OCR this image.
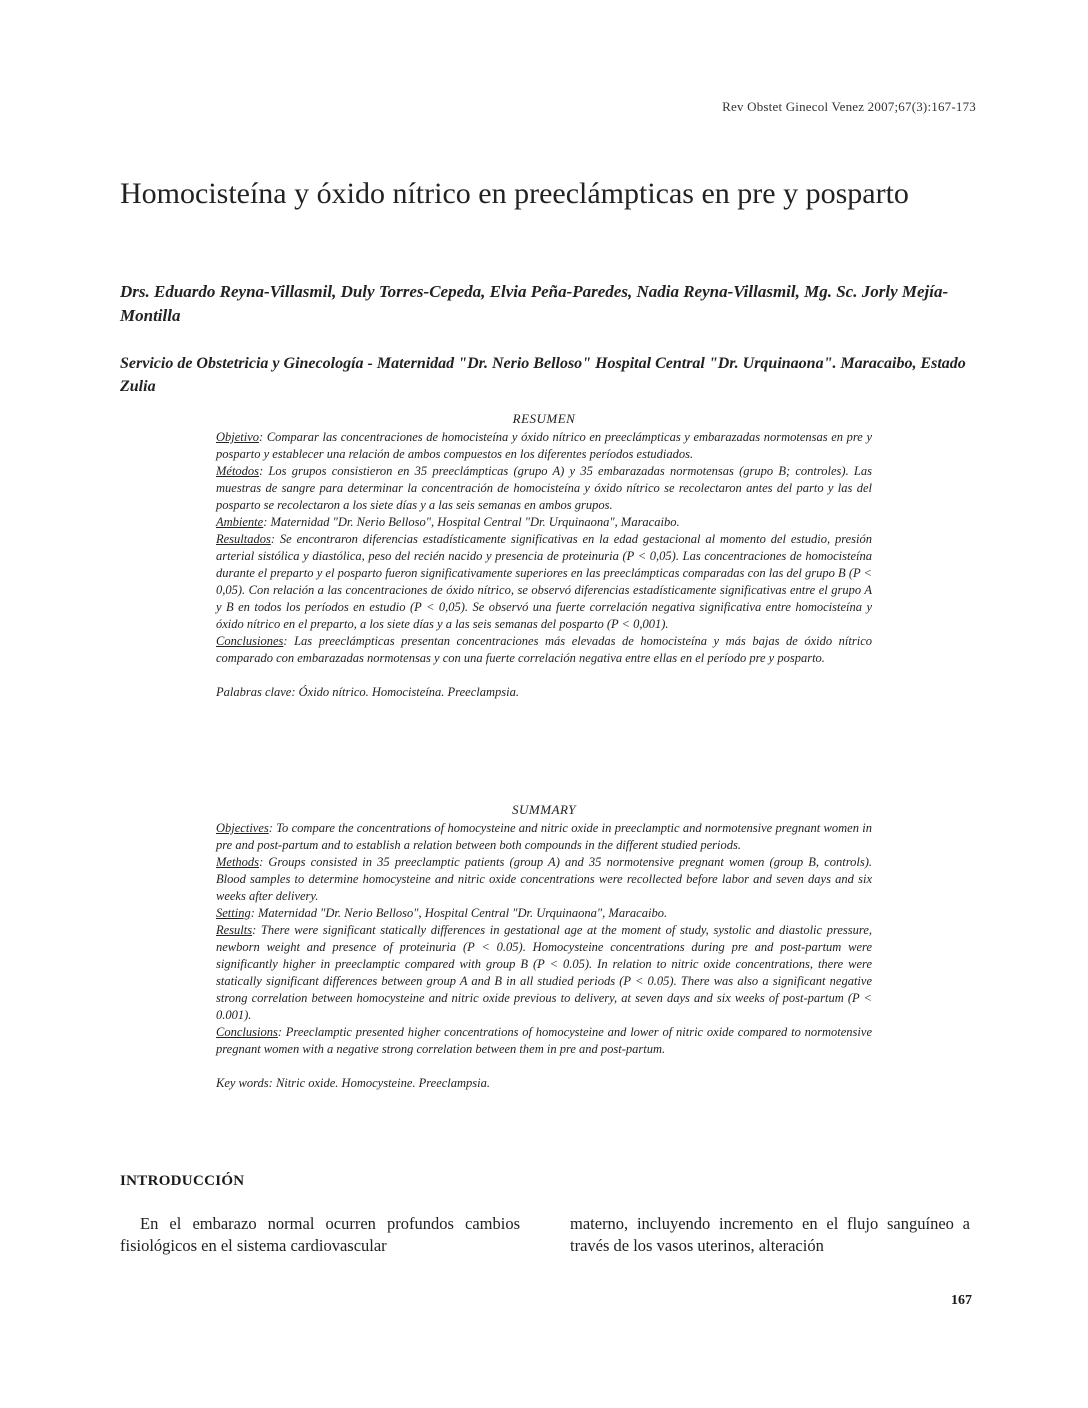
Rev Obstet Ginecol Venez 2007;67(3):167-173
Homocisteína y óxido nítrico en preeclámpticas en pre y posparto
Drs. Eduardo Reyna-Villasmil, Duly Torres-Cepeda, Elvia Peña-Paredes, Nadia Reyna-Villasmil, Mg. Sc. Jorly Mejía-Montilla
Servicio de Obstetricia y Ginecología - Maternidad "Dr. Nerio Belloso" Hospital Central "Dr. Urquinaona". Maracaibo, Estado Zulia
RESUMEN

Objetivo: Comparar las concentraciones de homocisteína y óxido nítrico en preeclámpticas y embarazadas normotensas en pre y posparto y establecer una relación de ambos compuestos en los diferentes períodos estudiados.

Métodos: Los grupos consistieron en 35 preeclámpticas (grupo A) y 35 embarazadas normotensas (grupo B; controles). Las muestras de sangre para determinar la concentración de homocisteína y óxido nítrico se recolectaron antes del parto y las del posparto se recolectaron a los siete días y a las seis semanas en ambos grupos.

Ambiente: Maternidad "Dr. Nerio Belloso", Hospital Central "Dr. Urquinaona", Maracaibo.

Resultados: Se encontraron diferencias estadísticamente significativas en la edad gestacional al momento del estudio, presión arterial sistólica y diastólica, peso del recién nacido y presencia de proteinuria (P < 0,05). Las concentraciones de homocisteína durante el preparto y el posparto fueron significativamente superiores en las preeclámpticas comparadas con las del grupo B (P < 0,05). Con relación a las concentraciones de óxido nítrico, se observó diferencias estadísticamente significativas entre el grupo A y B en todos los períodos en estudio (P < 0,05). Se observó una fuerte correlación negativa significativa entre homocisteína y óxido nítrico en el preparto, a los siete días y a las seis semanas del posparto (P < 0,001).

Conclusiones: Las preeclámpticas presentan concentraciones más elevadas de homocisteína y más bajas de óxido nítrico comparado con embarazadas normotensas y con una fuerte correlación negativa entre ellas en el período pre y posparto.

Palabras clave: Óxido nítrico. Homocisteína. Preeclampsia.

SUMMARY

Objectives: To compare the concentrations of homocysteine and nitric oxide in preeclamptic and normotensive pregnant women in pre and post-partum and to establish a relation between both compounds in the different studied periods.

Methods: Groups consisted in 35 preeclamptic patients (group A) and 35 normotensive pregnant women (group B, controls). Blood samples to determine homocysteine and nitric oxide concentrations were recollected before labor and seven days and six weeks after delivery.

Setting: Maternidad "Dr. Nerio Belloso", Hospital Central "Dr. Urquinaona", Maracaibo.

Results: There were significant statically differences in gestational age at the moment of study, systolic and diastolic pressure, newborn weight and presence of proteinuria (P < 0.05). Homocysteine concentrations during pre and post-partum were significantly higher in preeclamptic compared with group B (P < 0.05). In relation to nitric oxide concentrations, there were statically significant differences between group A and B in all studied periods (P < 0.05). There was also a significant negative strong correlation between homocysteine and nitric oxide previous to delivery, at seven days and six weeks of post-partum (P < 0.001).

Conclusions: Preeclamptic presented higher concentrations of homocysteine and lower of nitric oxide compared to normotensive pregnant women with a negative strong correlation between them in pre and post-partum.

Key words: Nitric oxide. Homocysteine. Preeclampsia.

INTRODUCCIÓN

En el embarazo normal ocurren profundos cambios fisiológicos en el sistema cardiovascular

materno, incluyendo incremento en el flujo sanguíneo a través de los vasos uterinos, alteración

167
